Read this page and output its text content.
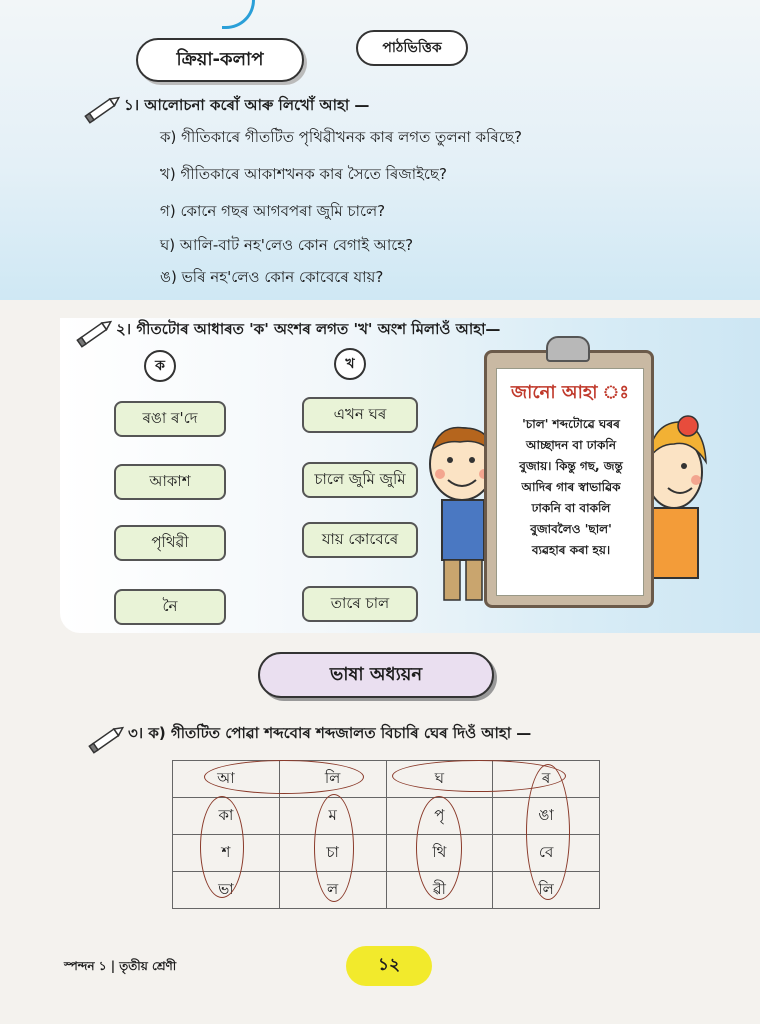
ক্রিয়া-কলাপ
পাঠভিত্তিক
১। আলোচনা কৰোঁ আৰু লিখোঁ আহা —
ক) গীতিকাৰে গীতটিত পৃথিৱীখনক কাৰ লগত তুলনা কৰিছে?
খ) গীতিকাৰে আকাশখনক কাৰ সৈতে ৰিজাইছে?
গ) কোনে গছৰ আগবপৰা জুমি চালে?
ঘ) আলি-বাট নহ'লেও কোন বেগাই আহে?
ঙ) ভৰি নহ'লেও কোন কোবেৰে যায়?
২। গীতটোৰ আধাৰত 'ক' অংশৰ লগত 'খ' অংশ মিলাওঁ আহা—
ক	খ
ৰঙা ৰ'দে
আকাশ
পৃথিৱী
নৈ
এখন ঘৰ
চালে জুমি জুমি
যায় কোবেৰে
তাৰে চাল
জানো আহা ঃ
'চাল' শব্দটোৱে ঘৰৰ
আচ্ছাদন বা ঢাকনি
বুজায়। কিন্তু গছ, জন্তু
আদিৰ গাৰ স্বাভাৱিক
ঢাকনি বা বাকলি
বুজাবলৈও 'ছাল'
ব্যৱহাৰ কৰা হয়।
ভাষা অধ্যয়ন
৩। ক) গীতটিত পোৱা শব্দবোৰ শব্দজালত বিচাৰি ঘেৰ দিওঁ আহা —
আ	লি	ঘ	ৰ
কা	ম	পৃ	ঙা
শ	চা	থি	বে
ভা	ল	ৱী	লি
স্পন্দন ১ | তৃতীয় শ্ৰেণী	১২
